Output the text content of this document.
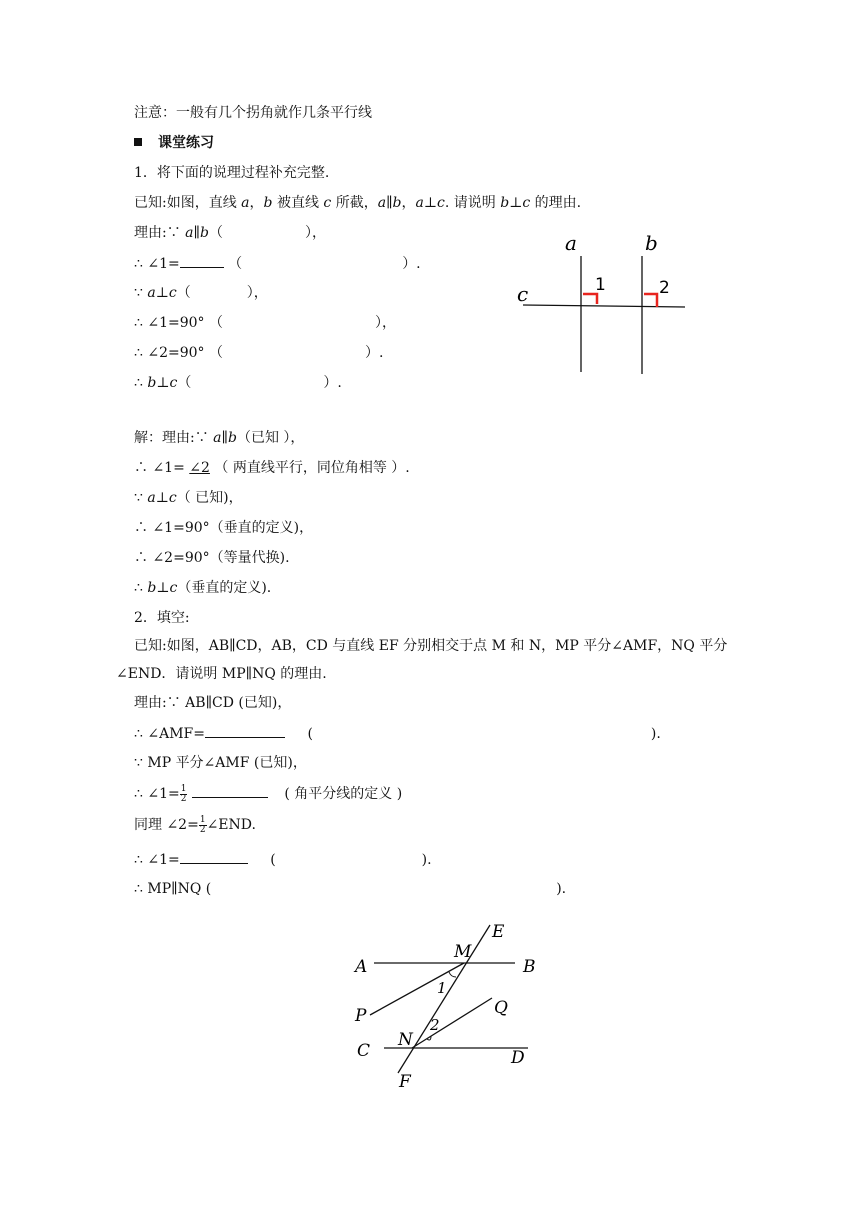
注意：一般有几个拐角就作几条平行线
课堂练习
1．将下面的说理过程补充完整.
已知:如图，直线 a，b 被直线 c 所截，a∥b，a⊥c. 请说明 b⊥c 的理由.
理由:∵ a∥b（	），
∴ ∠1=	（	）.
∵ a⊥c（	），
∴ ∠1=90° （	），
∴ ∠2=90° （	）.
∴ b⊥c（	）.
a	b
c	1	2
解：理由:∵ a∥b（已知 ），
∴ ∠1= ∠2 （ 两直线平行，同位角相等 ）.
∵ a⊥c（ 已知)，
∴ ∠1=90°（垂直的定义)，
∴ ∠2=90°（等量代换).
∴ b⊥c（垂直的定义).
2．填空:
已知:如图，AB∥CD，AB，CD 与直线 EF 分别相交于点 M 和 N，MP 平分∠AMF，NQ 平分
∠END．请说明 MP∥NQ 的理由.
理由:∵ AB∥CD (已知)，
∴ ∠AMF=	(	).
∵ MP 平分∠AMF (已知)，
∴ ∠1= $\frac{1}{2}$	( 角平分线的定义 )
同理 ∠2= $\frac{1}{2}$ ∠END.
∴ ∠1=	(	).
∴ MP∥NQ (	).
A	B
C	D
E
F
M
N
P	Q
1
2
